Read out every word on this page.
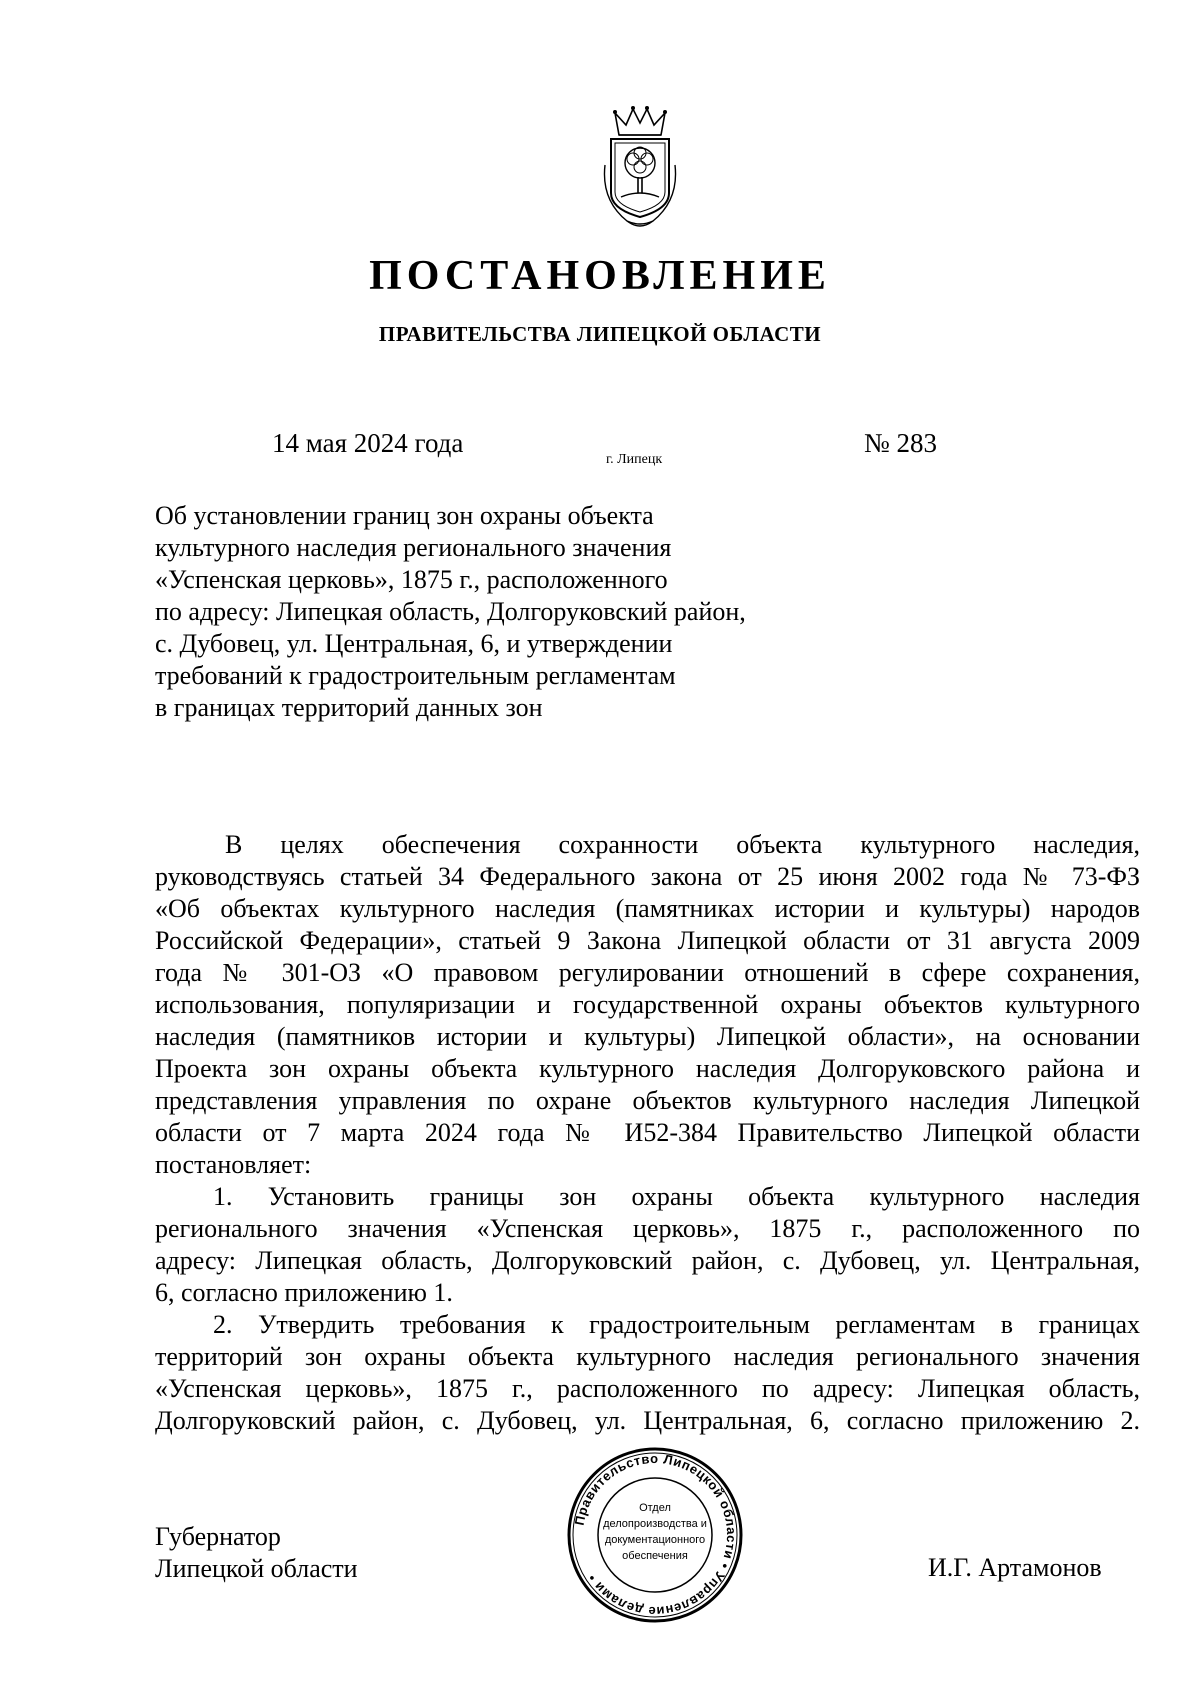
ПОСТАНОВЛЕНИЕ
ПРАВИТЕЛЬСТВА ЛИПЕЦКОЙ ОБЛАСТИ
14 мая 2024 года
г. Липецк
№ 283
Об установлении границ зон охраны объекта
культурного наследия регионального значения
«Успенская церковь», 1875 г., расположенного
по адресу: Липецкая область, Долгоруковский район,
с. Дубовец, ул. Центральная, 6, и утверждении
требований к градостроительным регламентам
в границах территорий данных зон
В целях обеспечения сохранности объекта культурного наследия,
руководствуясь статьей 34 Федерального закона от 25 июня 2002 года № 73-ФЗ
«Об объектах культурного наследия (памятниках истории и культуры) народов
Российской Федерации», статьей 9 Закона Липецкой области от 31 августа 2009
года № 301-ОЗ «О правовом регулировании отношений в сфере сохранения,
использования, популяризации и государственной охраны объектов культурного
наследия (памятников истории и культуры) Липецкой области», на основании
Проекта зон охраны объекта культурного наследия Долгоруковского района и
представления управления по охране объектов культурного наследия Липецкой
области от 7 марта 2024 года № И52-384 Правительство Липецкой области
постановляет:
1. Установить границы зон охраны объекта культурного наследия
регионального значения «Успенская церковь», 1875 г., расположенного по
адресу: Липецкая область, Долгоруковский район, с. Дубовец, ул. Центральная,
6, согласно приложению 1.
2. Утвердить требования к градостроительным регламентам в границах
территорий зон охраны объекта культурного наследия регионального значения
«Успенская церковь», 1875 г., расположенного по адресу: Липецкая область,
Долгоруковский район, с. Дубовец, ул. Центральная, 6, согласно приложению 2.
Губернатор
Липецкой области	И.Г. Артамонов
Правительство Липецкой области • Управление делами •
Отдел
делопроизводства и
документационного
обеспечения
